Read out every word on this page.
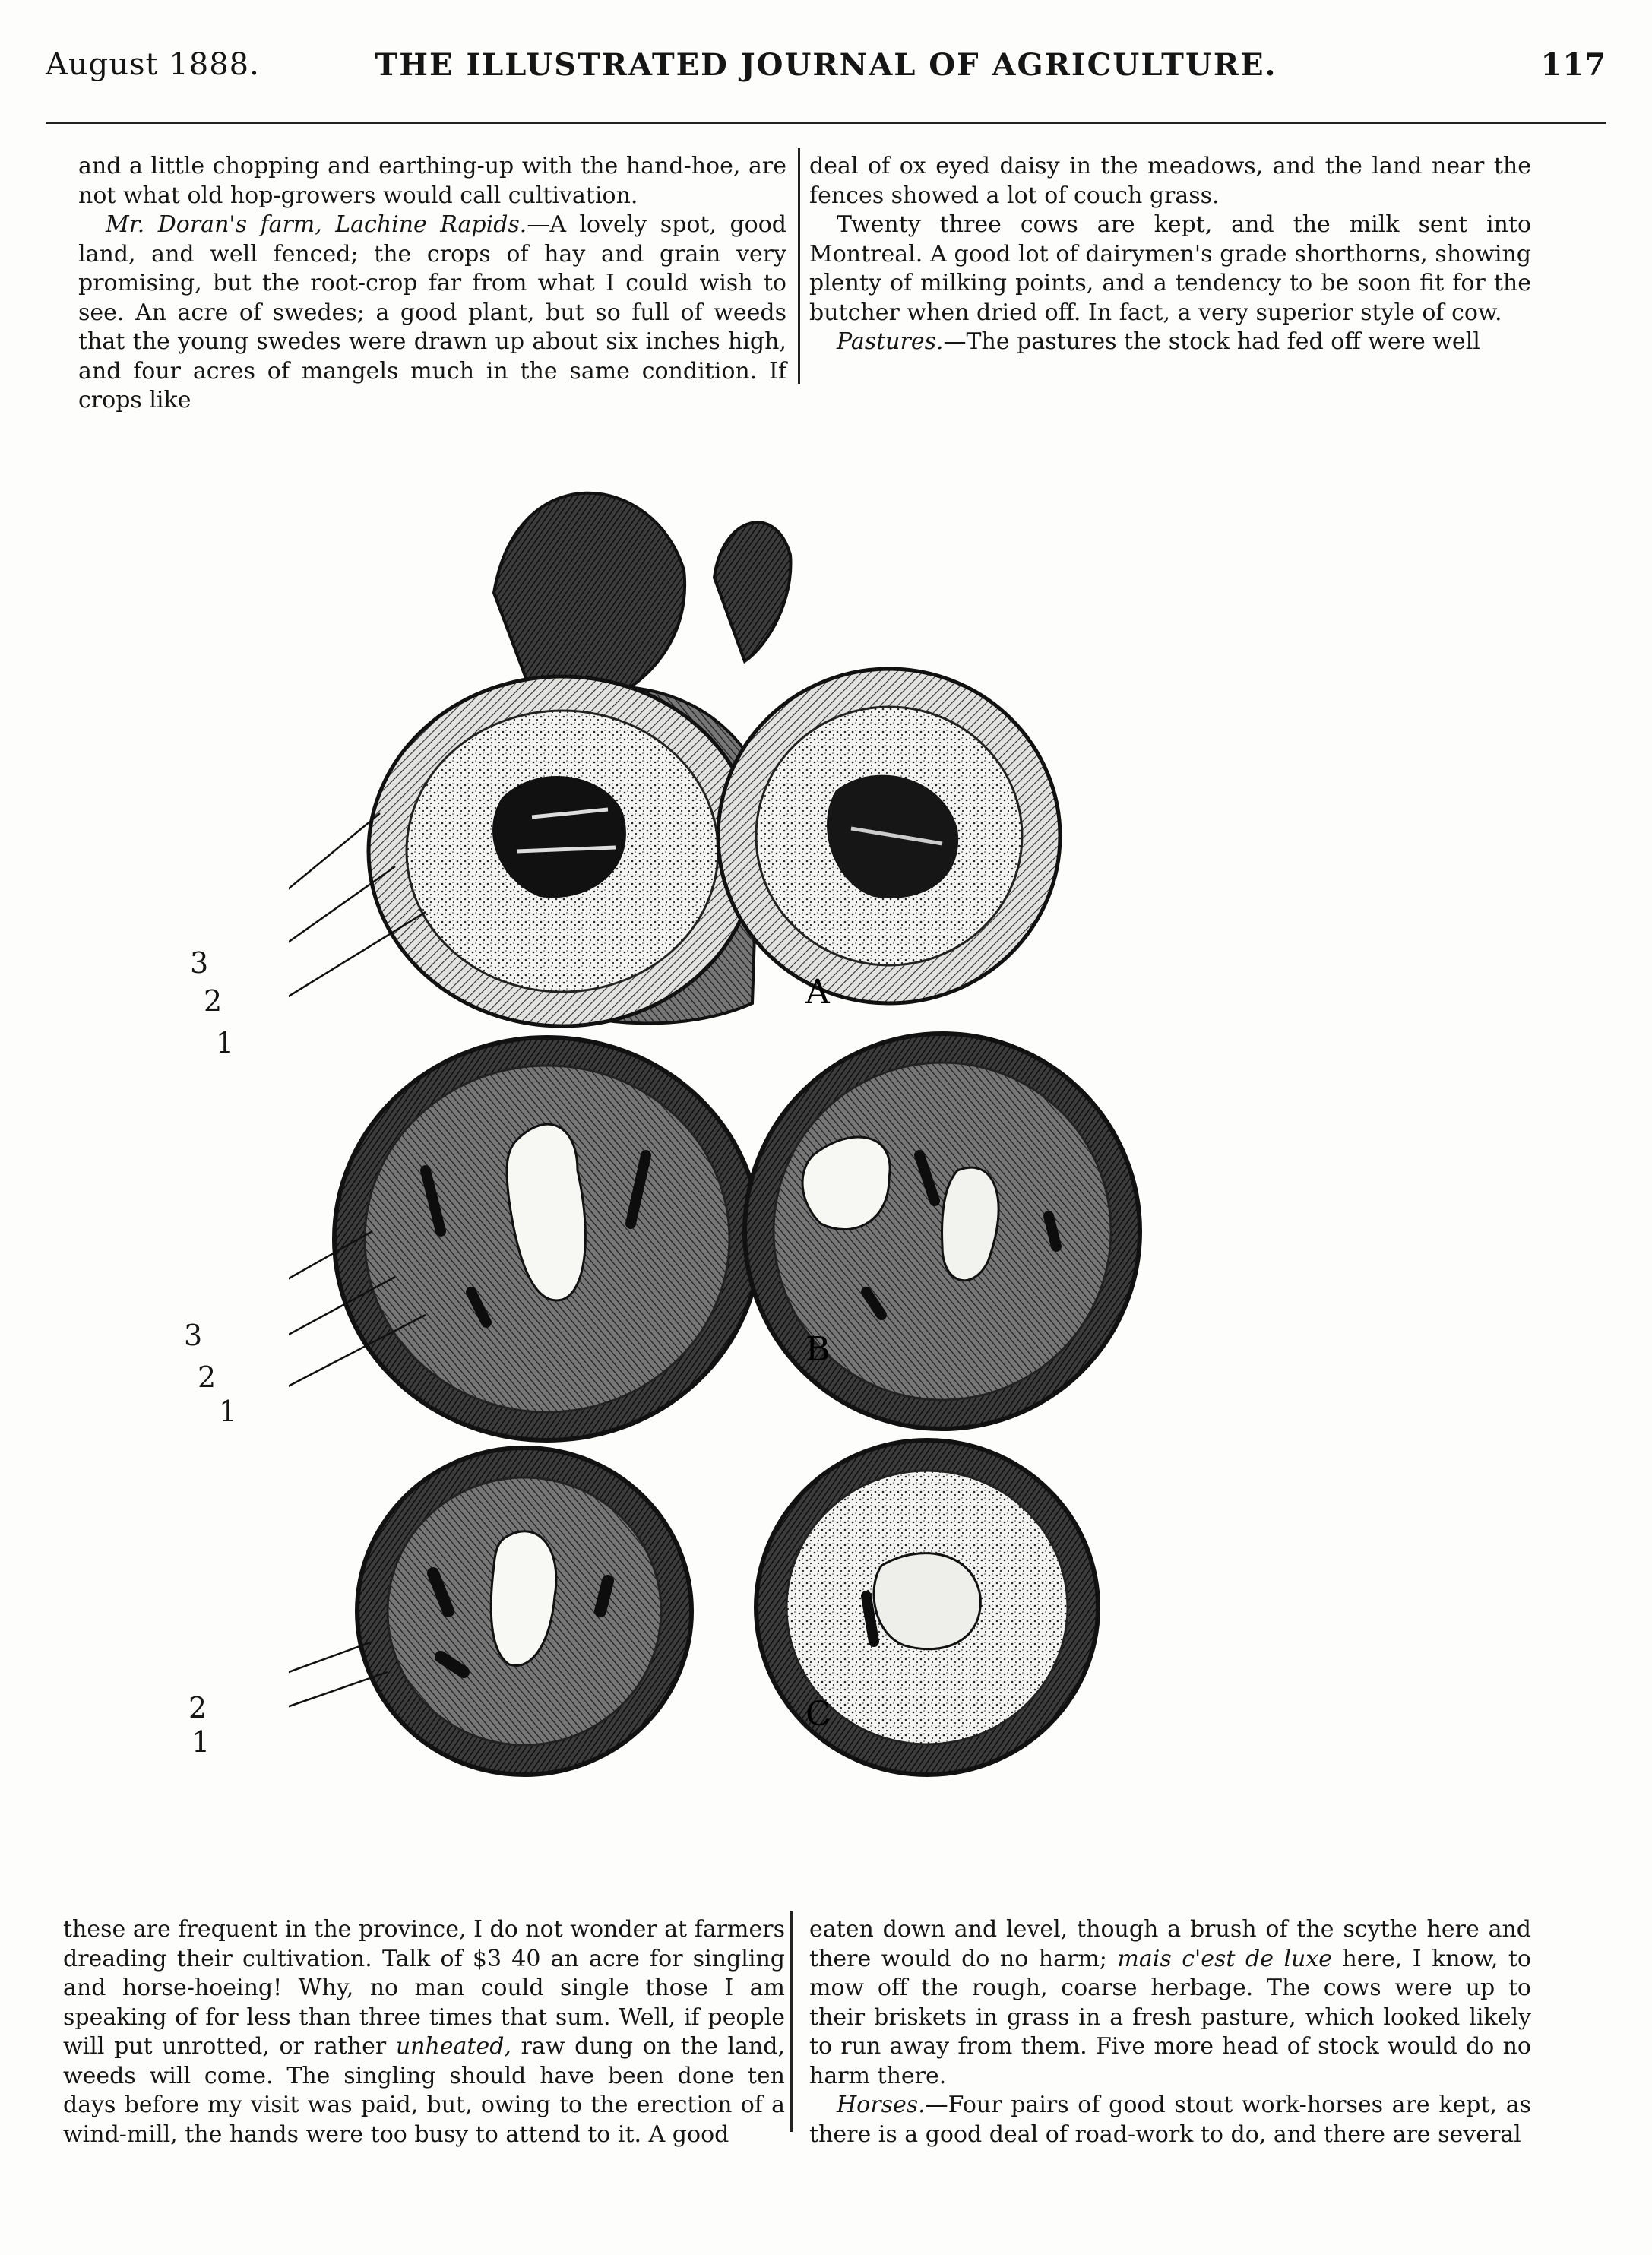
August 1888.	THE ILLUSTRATED JOURNAL OF AGRICULTURE.	117

and a little chopping and earthing-up with the hand-hoe, are not what old hop-growers would call cultivation.

Mr. Doran's farm, Lachine Rapids.—A lovely spot, good land, and well fenced; the crops of hay and grain very promising, but the root-crop far from what I could wish to see. An acre of swedes; a good plant, but so full of weeds that the young swedes were drawn up about six inches high, and four acres of mangels much in the same condition. If crops like

deal of ox eyed daisy in the meadows, and the land near the fences showed a lot of couch grass.

Twenty three cows are kept, and the milk sent into Montreal. A good lot of dairymen's grade shorthorns, showing plenty of milking points, and a tendency to be soon fit for the butcher when dried off. In fact, a very superior style of cow.

Pastures.—The pastures the stock had fed off were well

A
B
C
3
2
1
3
2
1
2
1

these are frequent in the province, I do not wonder at farmers dreading their cultivation. Talk of $3 40 an acre for singling and horse-hoeing! Why, no man could single those I am speaking of for less than three times that sum. Well, if people will put unrotted, or rather unheated, raw dung on the land, weeds will come. The singling should have been done ten days before my visit was paid, but, owing to the erection of a wind-mill, the hands were too busy to attend to it. A good

eaten down and level, though a brush of the scythe here and there would do no harm; mais c'est de luxe here, I know, to mow off the rough, coarse herbage. The cows were up to their briskets in grass in a fresh pasture, which looked likely to run away from them. Five more head of stock would do no harm there.

Horses.—Four pairs of good stout work-horses are kept, as there is a good deal of road-work to do, and there are several
